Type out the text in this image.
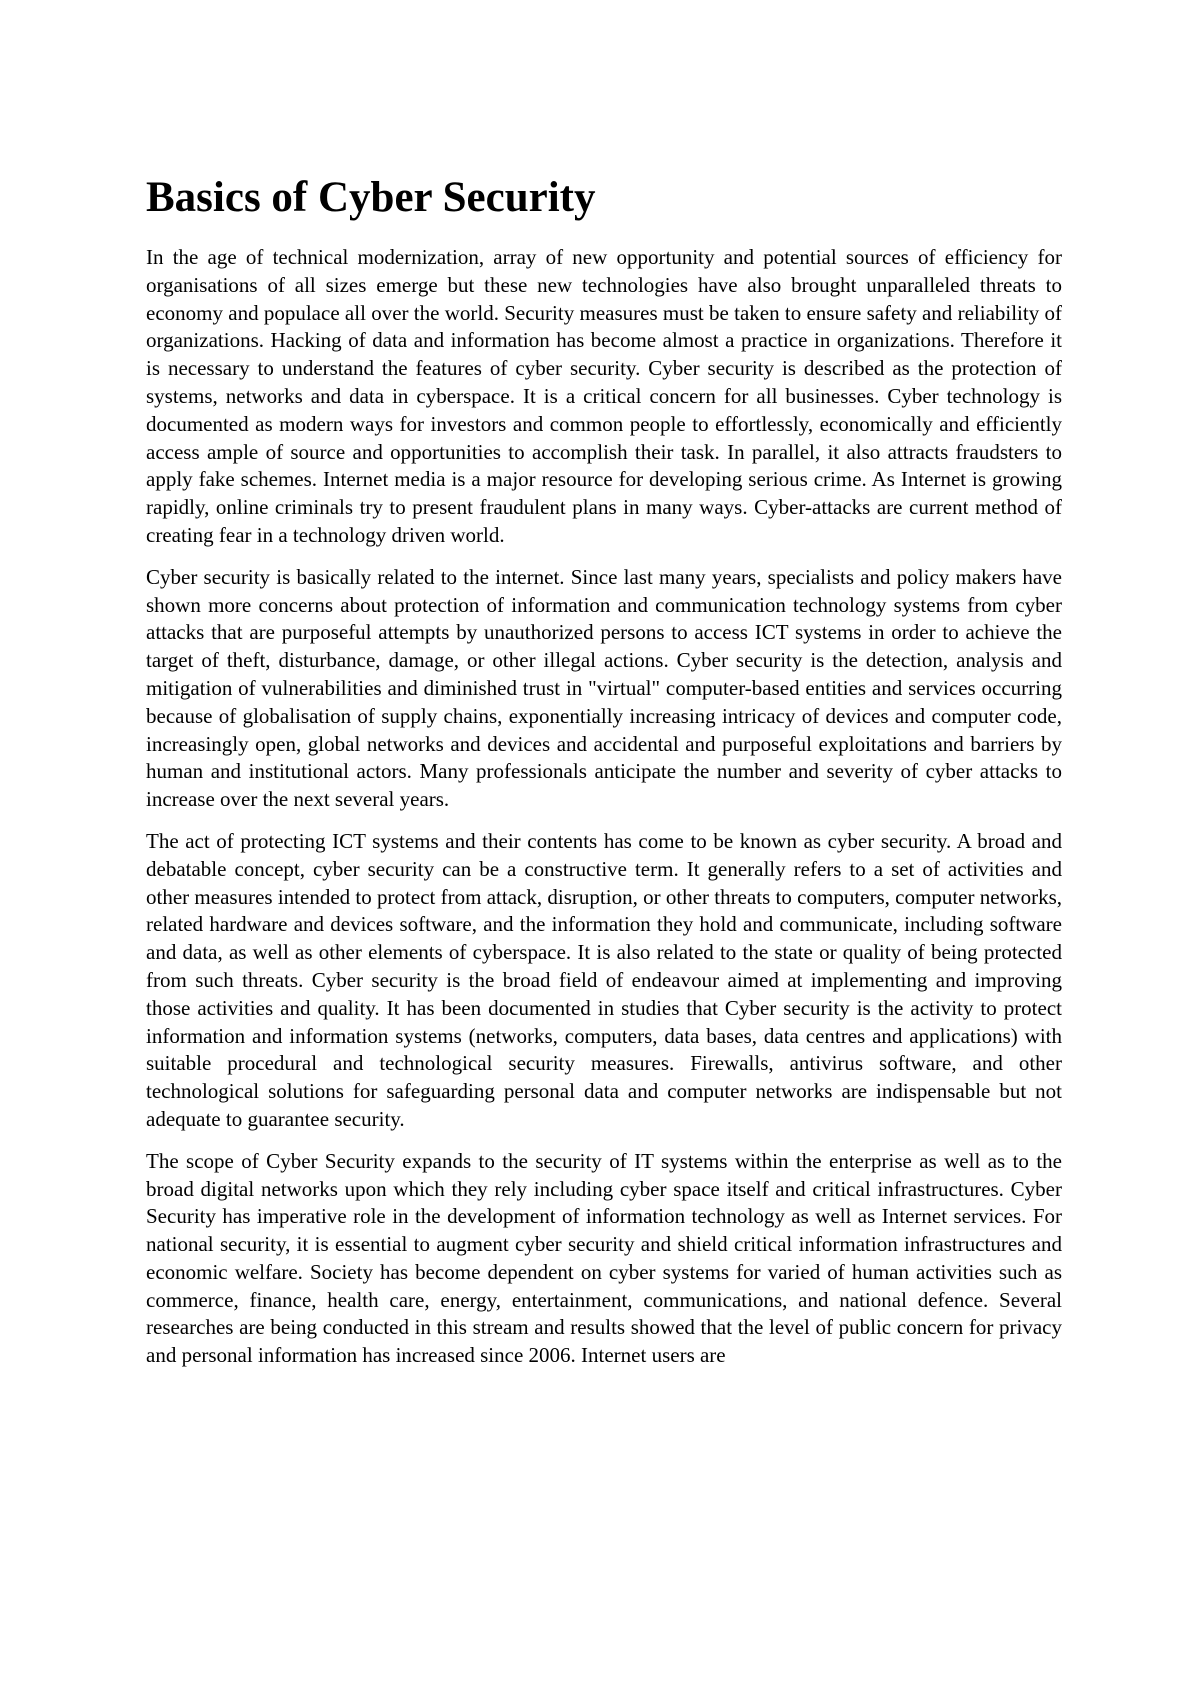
Basics of Cyber Security

In the age of technical modernization, array of new opportunity and potential sources of efficiency for organisations of all sizes emerge but these new technologies have also brought unparalleled threats to economy and populace all over the world. Security measures must be taken to ensure safety and reliability of organizations. Hacking of data and information has become almost a practice in organizations. Therefore it is necessary to understand the features of cyber security. Cyber security is described as the protection of systems, networks and data in cyberspace. It is a critical concern for all businesses. Cyber technology is documented as modern ways for investors and common people to effortlessly, economically and efficiently access ample of source and opportunities to accomplish their task. In parallel, it also attracts fraudsters to apply fake schemes. Internet media is a major resource for developing serious crime. As Internet is growing rapidly, online criminals try to present fraudulent plans in many ways. Cyber-attacks are current method of creating fear in a technology driven world.

Cyber security is basically related to the internet. Since last many years, specialists and policy makers have shown more concerns about protection of information and communication technology systems from cyber attacks that are purposeful attempts by unauthorized persons to access ICT systems in order to achieve the target of theft, disturbance, damage, or other illegal actions. Cyber security is the detection, analysis and mitigation of vulnerabilities and diminished trust in "virtual" computer-based entities and services occurring because of globalisation of supply chains, exponentially increasing intricacy of devices and computer code, increasingly open, global networks and devices and accidental and purposeful exploitations and barriers by human and institutional actors. Many professionals anticipate the number and severity of cyber attacks to increase over the next several years.

The act of protecting ICT systems and their contents has come to be known as cyber security. A broad and debatable concept, cyber security can be a constructive term. It generally refers to a set of activities and other measures intended to protect from attack, disruption, or other threats to computers, computer networks, related hardware and devices software, and the information they hold and communicate, including software and data, as well as other elements of cyberspace. It is also related to the state or quality of being protected from such threats. Cyber security is the broad field of endeavour aimed at implementing and improving those activities and quality. It has been documented in studies that Cyber security is the activity to protect information and information systems (networks, computers, data bases, data centres and applications) with suitable procedural and technological security measures. Firewalls, antivirus software, and other technological solutions for safeguarding personal data and computer networks are indispensable but not adequate to guarantee security.

The scope of Cyber Security expands to the security of IT systems within the enterprise as well as to the broad digital networks upon which they rely including cyber space itself and critical infrastructures. Cyber Security has imperative role in the development of information technology as well as Internet services. For national security, it is essential to augment cyber security and shield critical information infrastructures and economic welfare. Society has become dependent on cyber systems for varied of human activities such as commerce, finance, health care, energy, entertainment, communications, and national defence. Several researches are being conducted in this stream and results showed that the level of public concern for privacy and personal information has increased since 2006. Internet users are
